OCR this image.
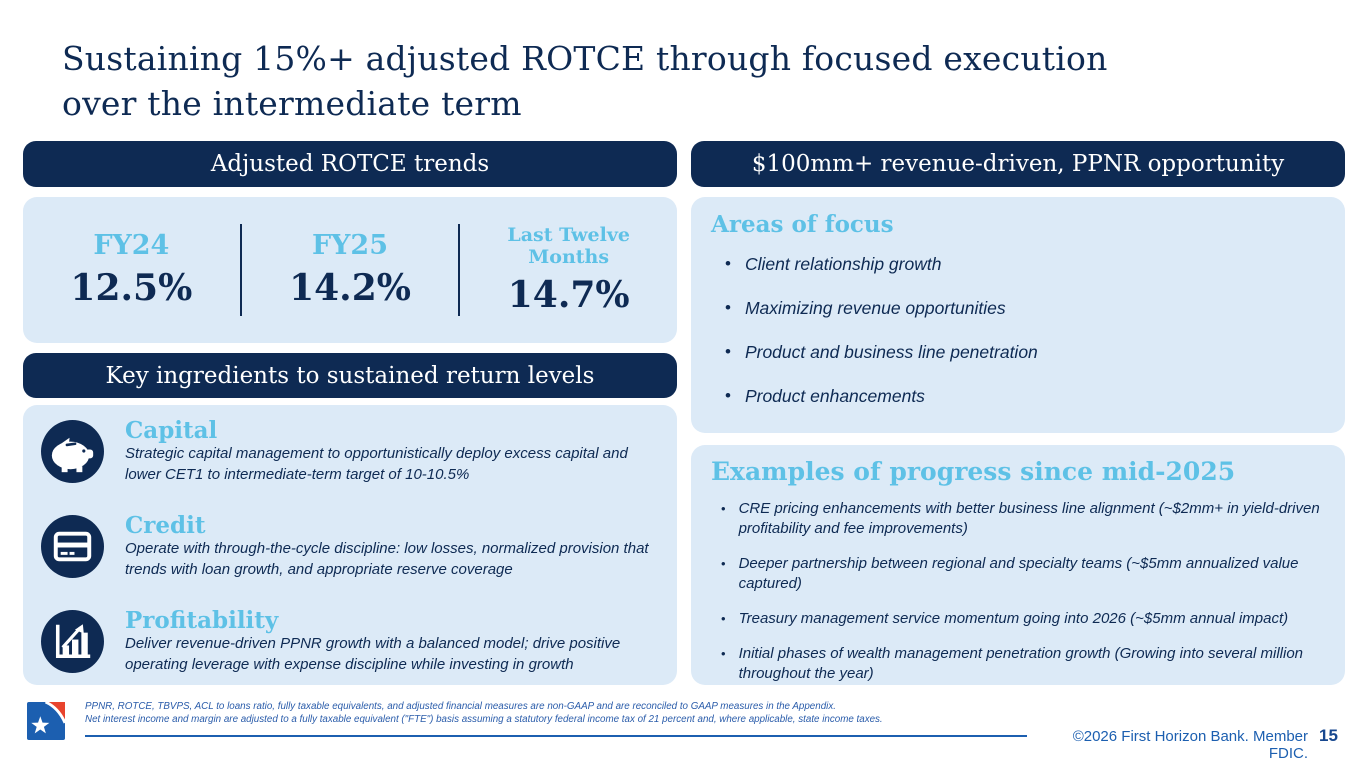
Sustaining 15%+ adjusted ROTCE through focused execution
over the intermediate term
Adjusted ROTCE trends
FY24
12.5%
FY25
14.2%
Last Twelve Months
14.7%
Key ingredients to sustained return levels
Capital
Strategic capital management to opportunistically deploy excess capital and lower CET1 to intermediate-term target of 10-10.5%
Credit
Operate with through-the-cycle discipline: low losses, normalized provision that trends with loan growth, and appropriate reserve coverage
Profitability
Deliver revenue-driven PPNR growth with a balanced model; drive positive operating leverage with expense discipline while investing in growth
$100mm+ revenue-driven, PPNR opportunity
Areas of focus
• Client relationship growth
• Maximizing revenue opportunities
• Product and business line penetration
• Product enhancements
Examples of progress since mid-2025
• CRE pricing enhancements with better business line alignment (~$2mm+ in yield-driven profitability and fee improvements)
• Deeper partnership between regional and specialty teams (~$5mm annualized value captured)
• Treasury management service momentum going into 2026 (~$5mm annual impact)
• Initial phases of wealth management penetration growth (Growing into several million throughout the year)
PPNR, ROTCE, TBVPS, ACL to loans ratio, fully taxable equivalents, and adjusted financial measures are non-GAAP and are reconciled to GAAP measures in the Appendix.
Net interest income and margin are adjusted to a fully taxable equivalent ("FTE") basis assuming a statutory federal income tax of 21 percent and, where applicable, state income taxes.
©2026 First Horizon Bank. Member FDIC.
15
